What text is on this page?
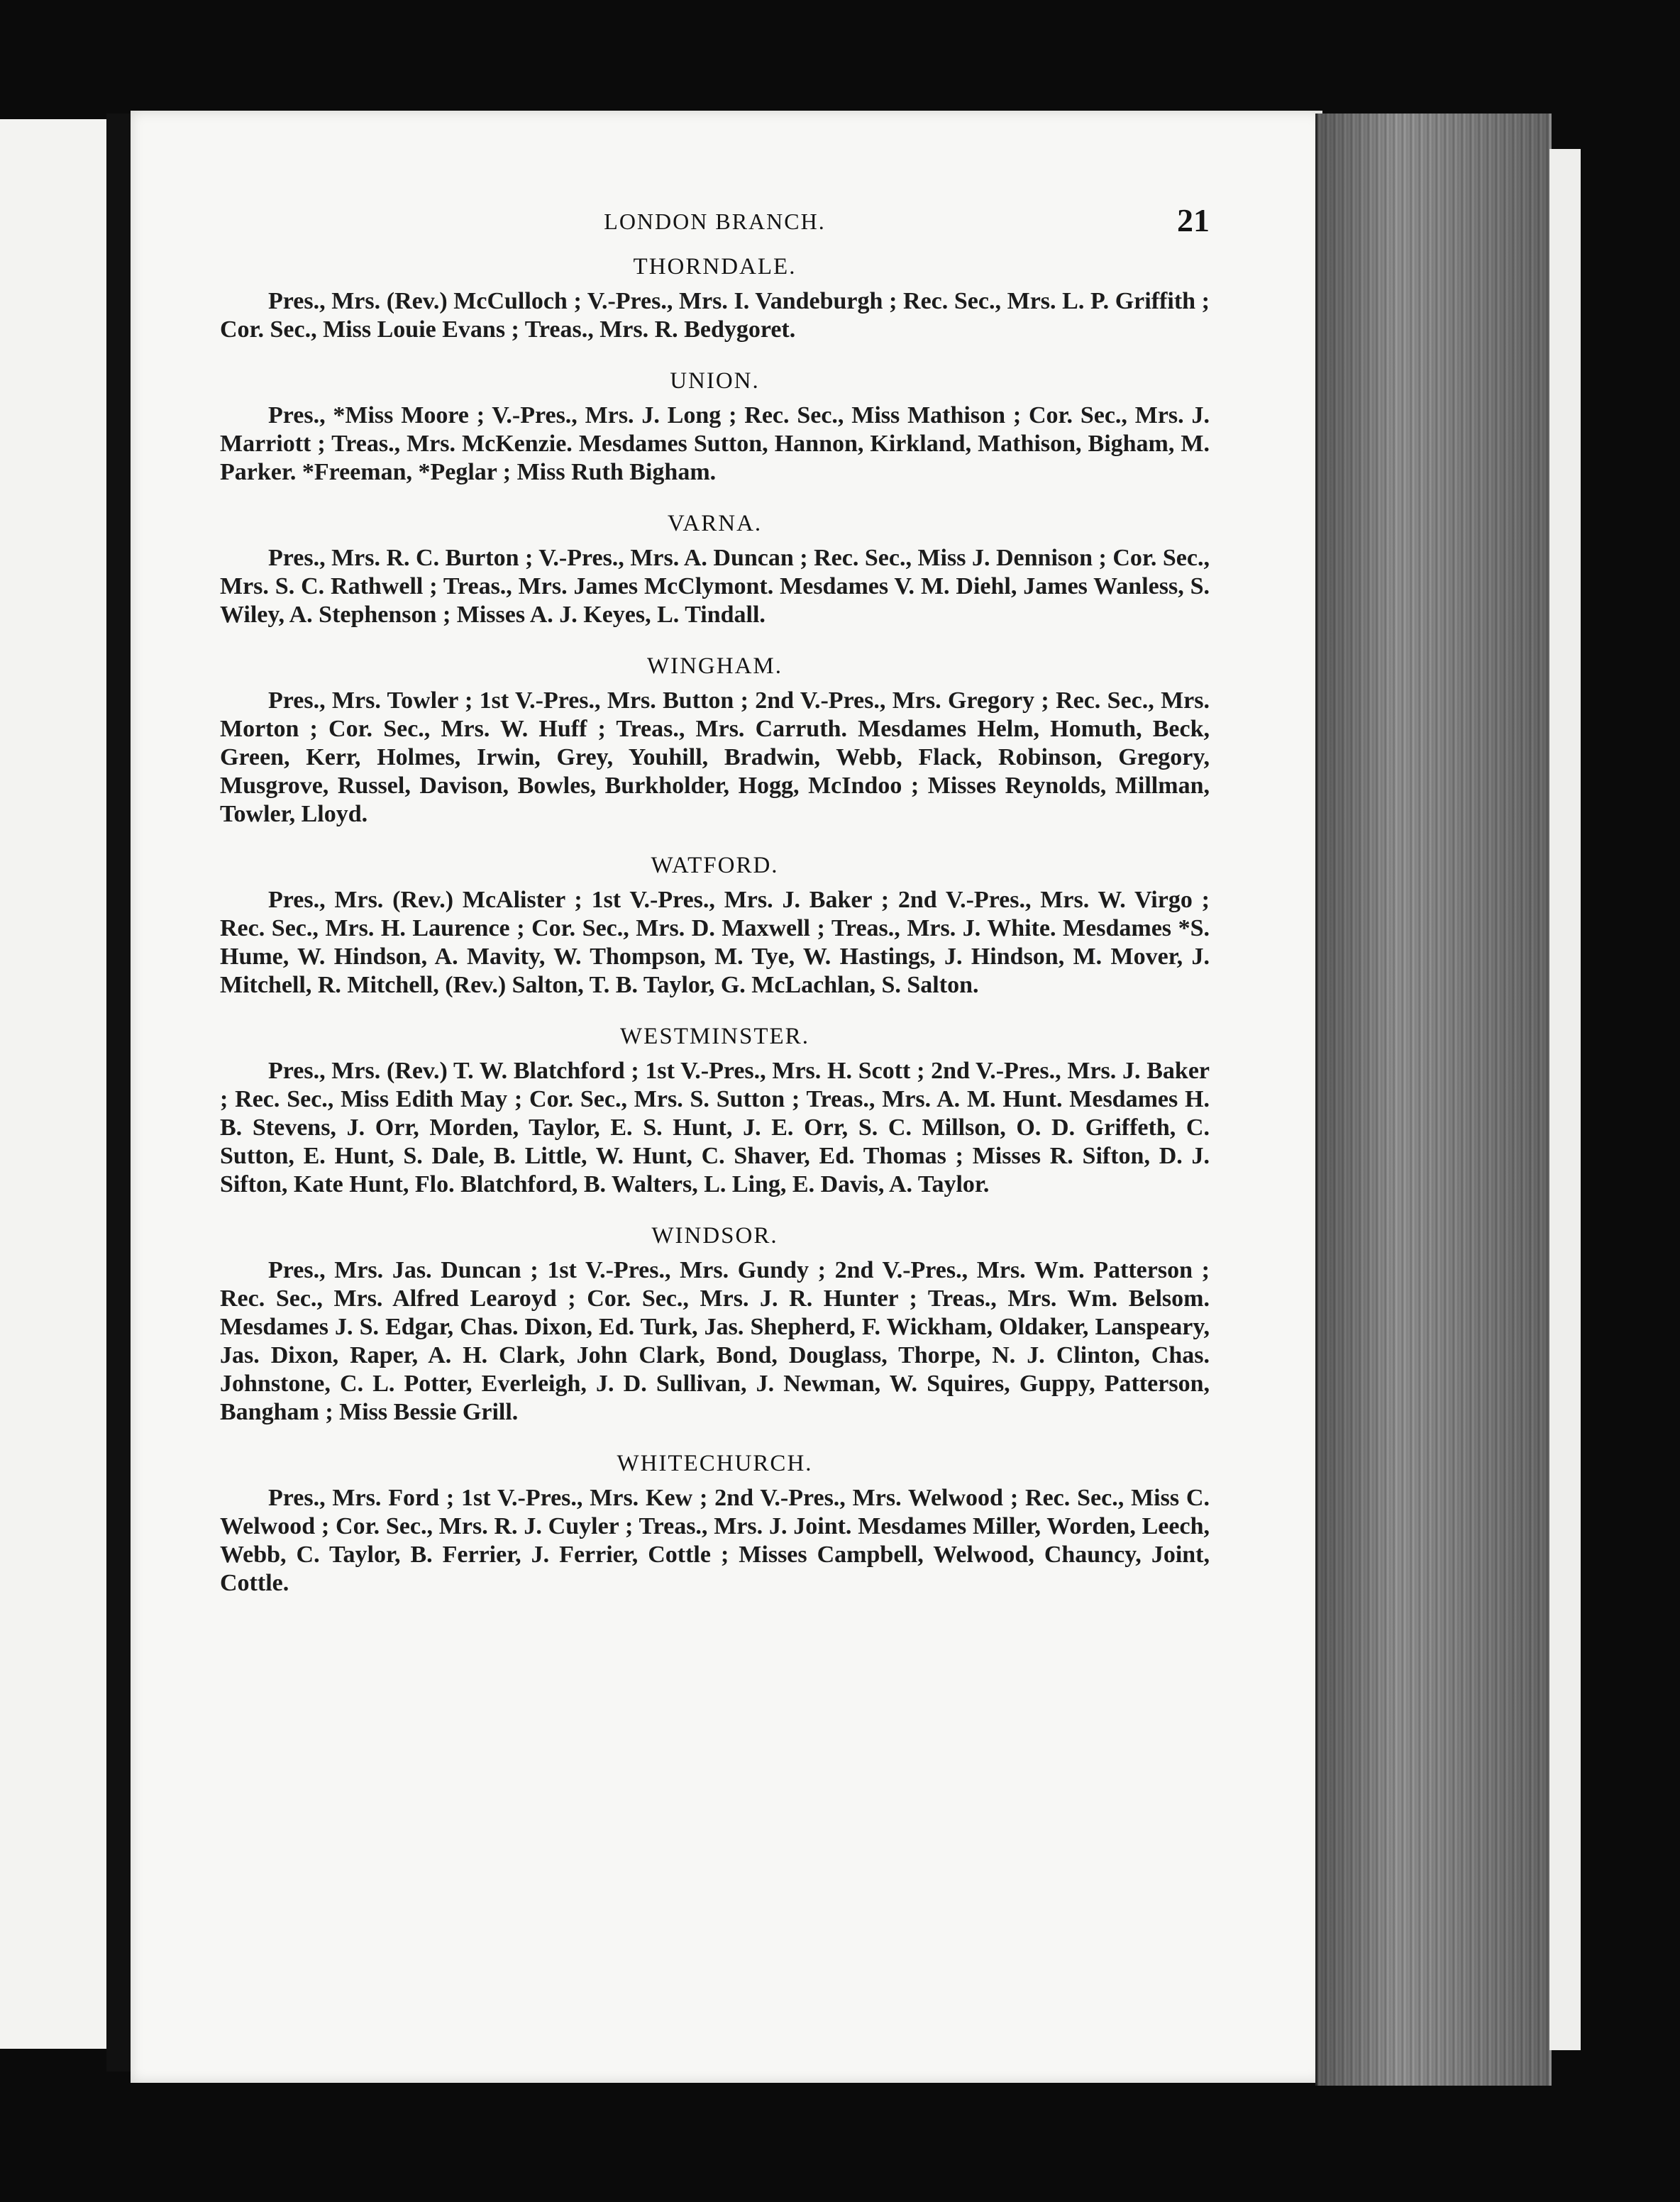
LONDON BRANCH.	21
THORNDALE.

Pres., Mrs. (Rev.) McCulloch ; V.-Pres., Mrs. I. Vandeburgh ; Rec. Sec., Mrs. L. P. Griffith ; Cor. Sec., Miss Louie Evans ; Treas., Mrs. R. Bedygoret.

UNION.

Pres., *Miss Moore ; V.-Pres., Mrs. J. Long ; Rec. Sec., Miss Mathison ; Cor. Sec., Mrs. J. Marriott ; Treas., Mrs. McKenzie. Mesdames Sutton, Hannon, Kirkland, Mathison, Bigham, M. Parker. *Freeman, *Peglar ; Miss Ruth Bigham.

VARNA.

Pres., Mrs. R. C. Burton ; V.-Pres., Mrs. A. Duncan ; Rec. Sec., Miss J. Dennison ; Cor. Sec., Mrs. S. C. Rathwell ; Treas., Mrs. James McClymont. Mesdames V. M. Diehl, James Wanless, S. Wiley, A. Stephenson ; Misses A. J. Keyes, L. Tindall.

WINGHAM.

Pres., Mrs. Towler ; 1st V.-Pres., Mrs. Button ; 2nd V.-Pres., Mrs. Gregory ; Rec. Sec., Mrs. Morton ; Cor. Sec., Mrs. W. Huff ; Treas., Mrs. Carruth. Mesdames Helm, Homuth, Beck, Green, Kerr, Holmes, Irwin, Grey, Youhill, Bradwin, Webb, Flack, Robinson, Gregory, Musgrove, Russel, Davison, Bowles, Burkholder, Hogg, McIndoo ; Misses Reynolds, Millman, Towler, Lloyd.

WATFORD.

Pres., Mrs. (Rev.) McAlister ; 1st V.-Pres., Mrs. J. Baker ; 2nd V.-Pres., Mrs. W. Virgo ; Rec. Sec., Mrs. H. Laurence ; Cor. Sec., Mrs. D. Maxwell ; Treas., Mrs. J. White. Mesdames *S. Hume, W. Hindson, A. Mavity, W. Thompson, M. Tye, W. Hastings, J. Hindson, M. Mover, J. Mitchell, R. Mitchell, (Rev.) Salton, T. B. Taylor, G. McLachlan, S. Salton.

WESTMINSTER.

Pres., Mrs. (Rev.) T. W. Blatchford ; 1st V.-Pres., Mrs. H. Scott ; 2nd V.-Pres., Mrs. J. Baker ; Rec. Sec., Miss Edith May ; Cor. Sec., Mrs. S. Sutton ; Treas., Mrs. A. M. Hunt. Mesdames H. B. Stevens, J. Orr, Morden, Taylor, E. S. Hunt, J. E. Orr, S. C. Millson, O. D. Griffeth, C. Sutton, E. Hunt, S. Dale, B. Little, W. Hunt, C. Shaver, Ed. Thomas ; Misses R. Sifton, D. J. Sifton, Kate Hunt, Flo. Blatchford, B. Walters, L. Ling, E. Davis, A. Taylor.

WINDSOR.

Pres., Mrs. Jas. Duncan ; 1st V.-Pres., Mrs. Gundy ; 2nd V.-Pres., Mrs. Wm. Patterson ; Rec. Sec., Mrs. Alfred Learoyd ; Cor. Sec., Mrs. J. R. Hunter ; Treas., Mrs. Wm. Belsom. Mesdames J. S. Edgar, Chas. Dixon, Ed. Turk, Jas. Shepherd, F. Wickham, Oldaker, Lanspeary, Jas. Dixon, Raper, A. H. Clark, John Clark, Bond, Douglass, Thorpe, N. J. Clinton, Chas. Johnstone, C. L. Potter, Everleigh, J. D. Sullivan, J. Newman, W. Squires, Guppy, Patterson, Bangham ; Miss Bessie Grill.

WHITECHURCH.

Pres., Mrs. Ford ; 1st V.-Pres., Mrs. Kew ; 2nd V.-Pres., Mrs. Welwood ; Rec. Sec., Miss C. Welwood ; Cor. Sec., Mrs. R. J. Cuyler ; Treas., Mrs. J. Joint. Mesdames Miller, Worden, Leech, Webb, C. Taylor, B. Ferrier, J. Ferrier, Cottle ; Misses Campbell, Welwood, Chauncy, Joint, Cottle.
